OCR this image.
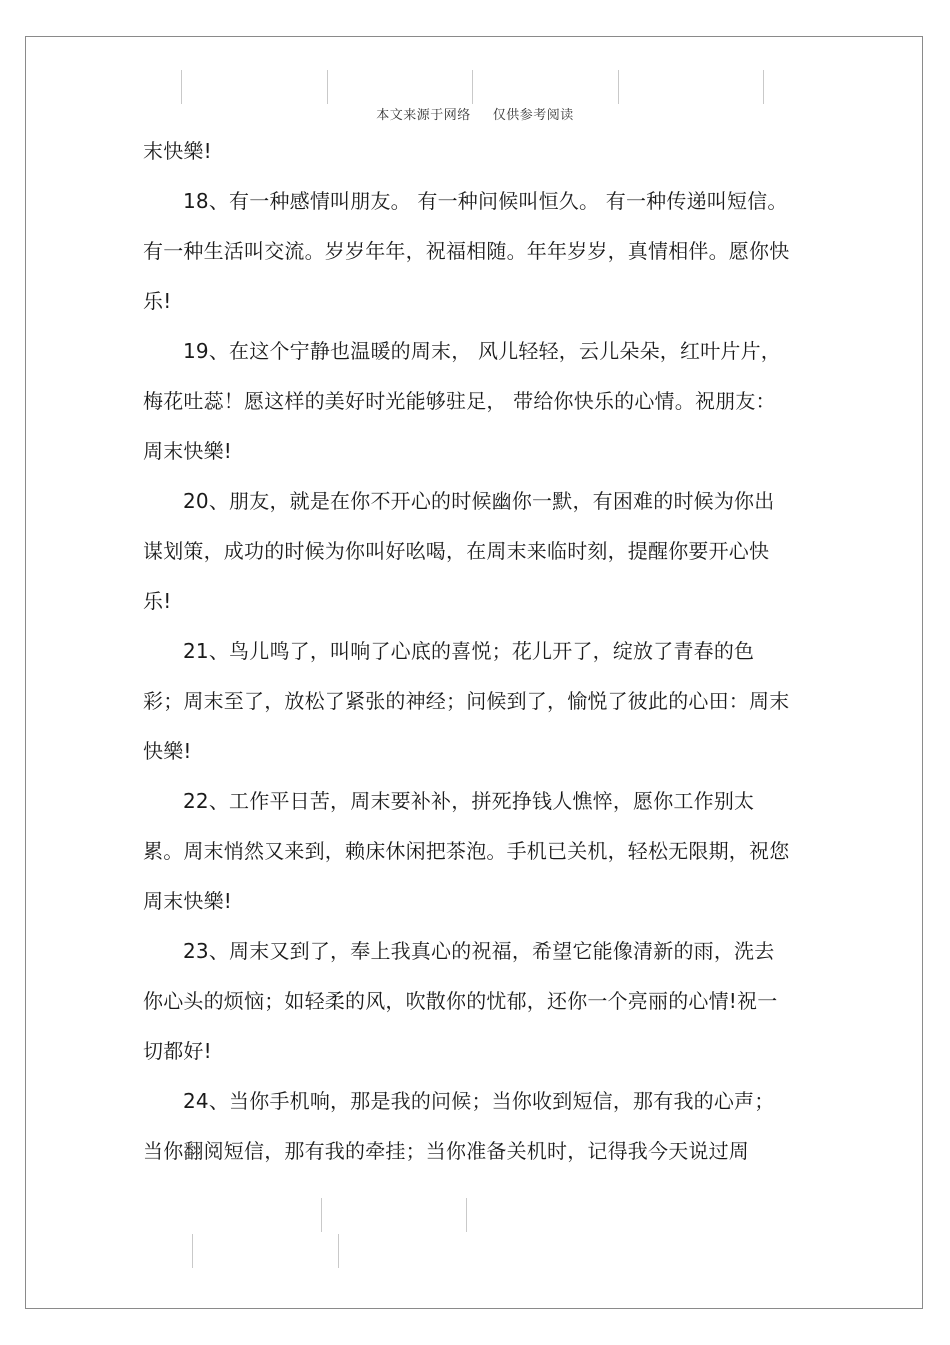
本文来源于网络 仅供参考阅读

末快樂!

18、有一种感情叫朋友。 有一种问候叫恒久。 有一种传递叫短信。有一种生活叫交流。岁岁年年，祝福相随。年年岁岁，真情相伴。愿你快乐!

19、在这个宁静也温暖的周末， 风儿轻轻，云儿朵朵，红叶片片，梅花吐蕊！愿这样的美好时光能够驻足， 带给你快乐的心情。祝朋友：周末快樂!

20、朋友，就是在你不开心的时候幽你一默，有困难的时候为你出谋划策，成功的时候为你叫好吆喝，在周末来临时刻，提醒你要开心快乐!

21、鸟儿鸣了，叫响了心底的喜悦；花儿开了，绽放了青春的色彩；周末至了，放松了紧张的神经；问候到了，愉悦了彼此的心田：周末快樂!

22、工作平日苦，周末要补补，拼死挣钱人憔悴，愿你工作别太累。周末悄然又来到，赖床休闲把茶泡。手机已关机，轻松无限期，祝您周末快樂!

23、周末又到了，奉上我真心的祝福，希望它能像清新的雨，洗去你心头的烦恼；如轻柔的风，吹散你的忧郁，还你一个亮丽的心情!祝一切都好!

24、当你手机响，那是我的问候；当你收到短信，那有我的心声；当你翻阅短信，那有我的牵挂；当你准备关机时，记得我今天说过周
